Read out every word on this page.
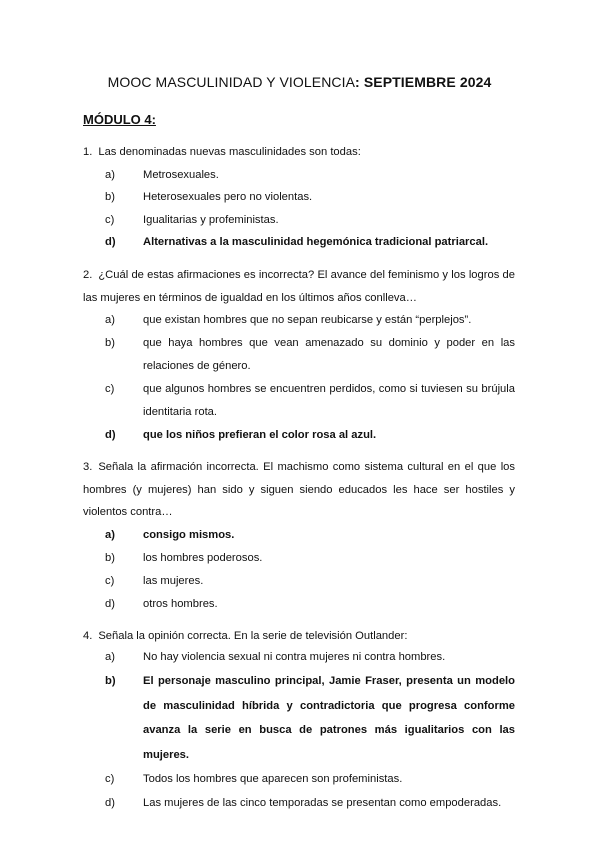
MOOC MASCULINIDAD Y VIOLENCIA: SEPTIEMBRE 2024
MÓDULO 4:
1. Las denominadas nuevas masculinidades son todas:
a)	Metrosexuales.
b)	Heterosexuales pero no violentas.
c)	Igualitarias y profeministas.
d)	Alternativas a la masculinidad hegemónica tradicional patriarcal.
2. ¿Cuál de estas afirmaciones es incorrecta? El avance del feminismo y los logros de las mujeres en términos de igualdad en los últimos años conlleva…
a)	que existan hombres que no sepan reubicarse y están “perplejos”.
b)	que haya hombres que vean amenazado su dominio y poder en las relaciones de género.
c)	que algunos hombres se encuentren perdidos, como si tuviesen su brújula identitaria rota.
d)	que los niños prefieran el color rosa al azul.
3. Señala la afirmación incorrecta. El machismo como sistema cultural en el que los hombres (y mujeres) han sido y siguen siendo educados les hace ser hostiles y violentos contra…
a)	consigo mismos.
b)	los hombres poderosos.
c)	las mujeres.
d)	otros hombres.
4. Señala la opinión correcta. En la serie de televisión Outlander:
a)	No hay violencia sexual ni contra mujeres ni contra hombres.
b)	El personaje masculino principal, Jamie Fraser, presenta un modelo de masculinidad híbrida y contradictoria que progresa conforme avanza la serie en busca de patrones más igualitarios con las mujeres.
c)	Todos los hombres que aparecen son profeministas.
d)	Las mujeres de las cinco temporadas se presentan como empoderadas.
